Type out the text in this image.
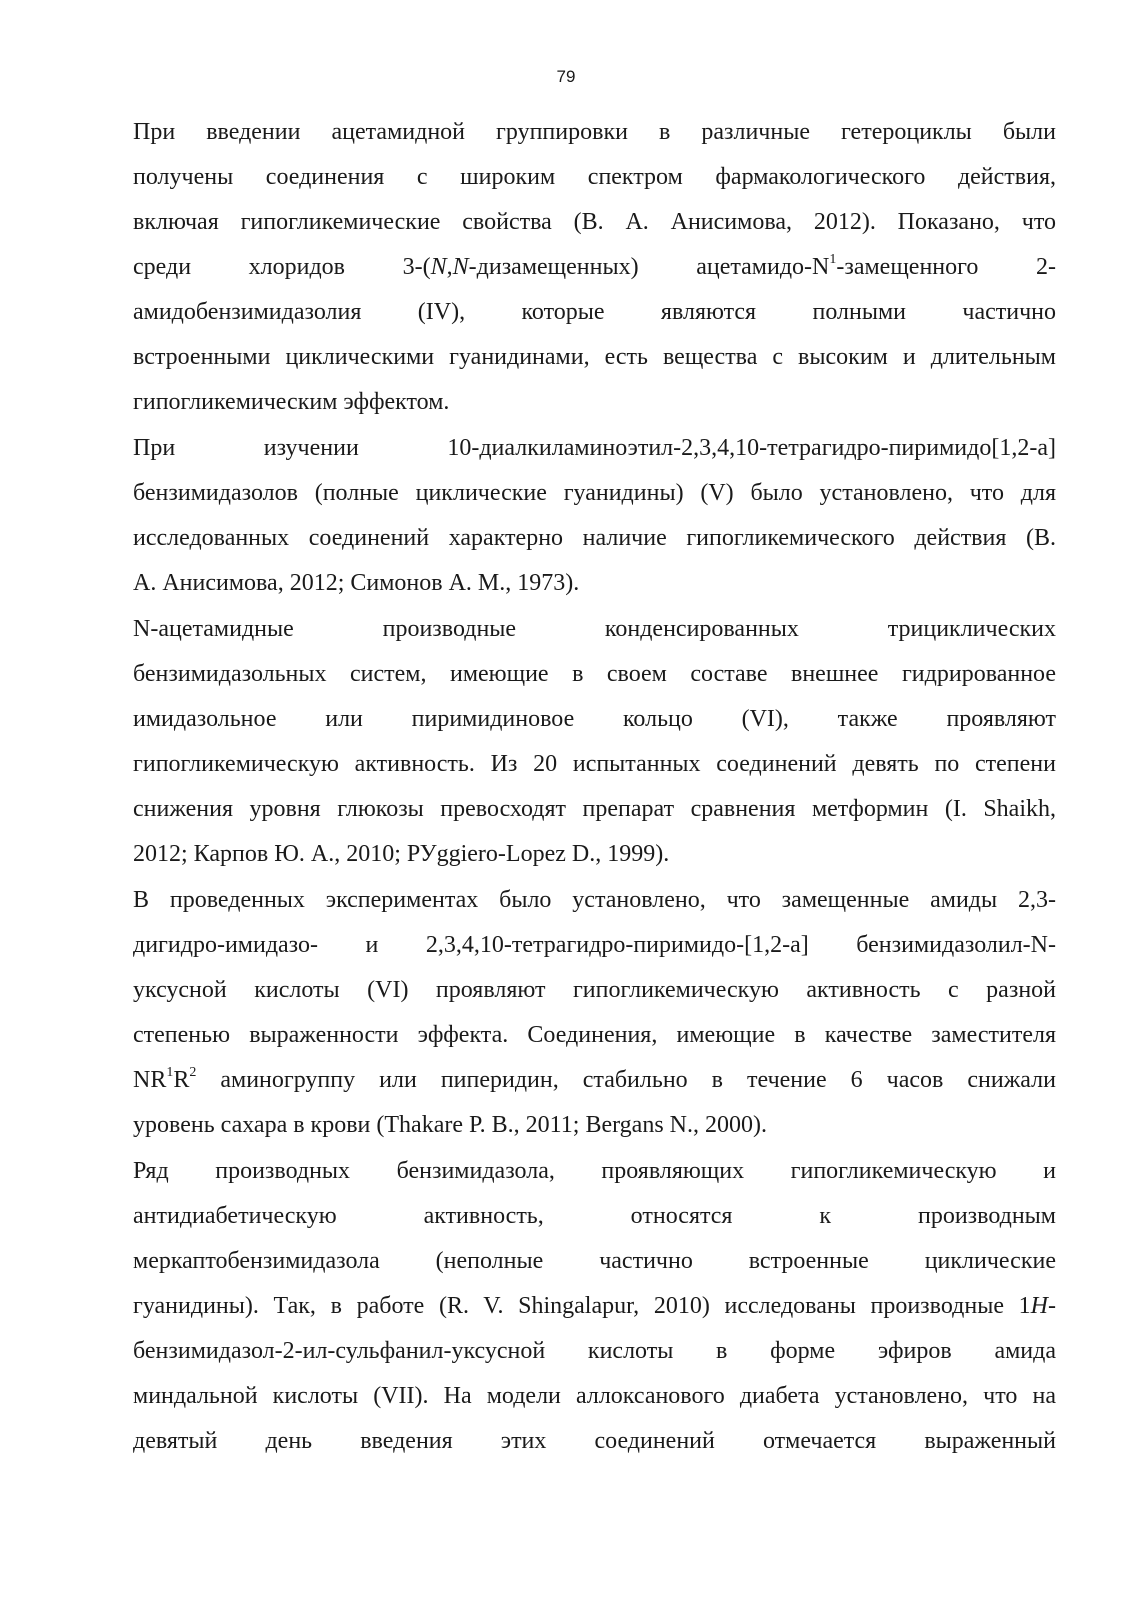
79
При введении ацетамидной группировки в различные гетероциклы были
получены соединения с широким спектром фармакологического действия,
включая гипогликемические свойства (В. А. Анисимова, 2012). Показано, что
среди хлоридов 3-(N,N-дизамещенных) ацетамидо-$N^1$-замещенного 2-
амидобензимидазолия (IV), которые являются полными частично
встроенными циклическими гуанидинами, есть вещества с высоким и длительным
гипогликемическим эффектом.
При изучении 10-диалкиламиноэтил-2,3,4,10-тетрагидро-пиримидо[1,2-a]
бензимидазолов (полные циклические гуанидины) (V) было установлено, что для
исследованных соединений характерно наличие гипогликемического действия (В.
А. Анисимова, 2012; Симонов А. М., 1973).
N-ацетамидные производные конденсированных трициклических
бензимидазольных систем, имеющие в своем составе внешнее гидрированное
имидазольное или пиримидиновое кольцо (VI), также проявляют
гипогликемическую активность. Из 20 испытанных соединений девять по степени
снижения уровня глюкозы превосходят препарат сравнения метформин (I. Shaikh,
2012; Карпов Ю. А., 2010; РУggiero-Lopez D., 1999).
В проведенных экспериментах было установлено, что замещенные амиды 2,3-
дигидро-имидазо- и 2,3,4,10-тетрагидро-пиримидо-[1,2-a] бензимидазолил-N-
уксусной кислоты (VI) проявляют гипогликемическую активность с разной
степенью выраженности эффекта. Соединения, имеющие в качестве заместителя
$NR^1R^2$ аминогруппу или пиперидин, стабильно в течение 6 часов снижали
уровень сахара в крови (Thakare P. B., 2011; Bergans N., 2000).
Ряд производных бензимидазола, проявляющих гипогликемическую и
антидиабетическую активность, относятся к производным
меркаптобензимидазола (неполные частично встроенные циклические
гуанидины). Так, в работе (R. V. Shingalapur, 2010) исследованы производные 1H-
бензимидазол-2-ил-сульфанил-уксусной кислоты в форме эфиров амида
миндальной кислоты (VII). На модели аллоксанового диабета установлено, что на
девятый день введения этих соединений отмечается выраженный
